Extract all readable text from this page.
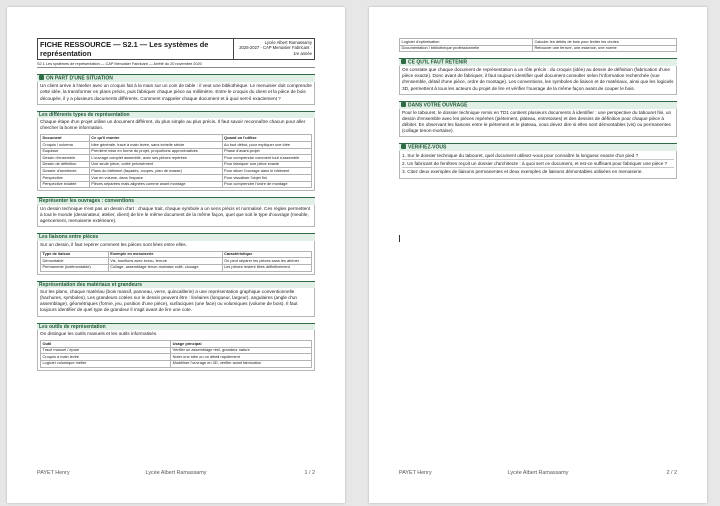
FICHE RESSOURCE — S2.1 — Les systèmes de représentation
Lycée Albert Ramassamy
2026-2027 · CAP Menuisier Fabricant · 1re année
S2.1 Les systèmes de représentation — CAP Menuisier Fabricant — Arrêté du 20 novembre 2020
ON PART D'UNE SITUATION
Un client arrive à l'atelier avec un croquis fait à la main sur un coin de table : il veut une bibliothèque. Le menuisier doit comprendre cette idée, la transformer en plans précis, puis fabriquer chaque pièce au millimètre. Entre le croquis du client et la pièce de bois découpée, il y a plusieurs documents différents. Comment s'appeler chaque document et à quoi sert-il exactement ?
Les différents types de représentation
Chaque étape d'un projet utilise un document différent, du plus simple au plus précis. Il faut savoir reconnaître chacun pour aller chercher la bonne information.
Document	Ce qu'il montre	Quand on l'utilise
Croquis / schéma	Idée générale, tracé à main levée, sans échelle stricte	Au tout début, pour expliquer une idée
Esquisse	Première mise en forme du projet, proportions approximatives	Phase d'avant-projet
Dessin d'ensemble	L'ouvrage complet assemblé, avec ses pièces repérées	Pour comprendre comment tout s'assemble
Dessin de définition	Une seule pièce, cotée précisément	Pour fabriquer une pièce exacte
Dossier d'architecte	Plans du bâtiment (façades, coupes, plan de masse)	Pour situer l'ouvrage dans le bâtiment
Perspective	Vue en volume, dans l'espace	Pour visualiser l'objet fini
Perspective éclatée	Pièces séparées mais alignées comme avant montage	Pour comprendre l'ordre de montage
Représenter les ouvrages : conventions
Un dessin technique n'est pas un dessin d'art : chaque trait, chaque symbole a un sens précis et normalisé. Ces règles permettent à tout le monde (dessinateur, atelier, client) de lire le même document de la même façon, quel que soit le type d'ouvrage (meuble, agencement, menuiserie extérieure).
Les liaisons entre pièces
Sur un dessin, il faut repérer comment les pièces sont liées entre elles.
Type de liaison	Exemple en menuiserie	Caractéristique
Démontable	Vis, tourillons avec écrou, ferrure	On peut séparer les pièces sans les abîmer
Permanente (indémontable)	Collage, assemblage tenon-mortaise collé, clouage	Les pièces restent liées définitivement
Représentation des matériaux et grandeurs
Sur les plans, chaque matériau (bois massif, panneau, verre, quincaillerie) a une représentation graphique conventionnelle (hachures, symboles). Les grandeurs cotées sur le dessin peuvent être : linéaires (longueur, largeur), angulaires (angle d'un assemblage), géométriques (forme, jeu, position d'une pièce), surfaciques (une face) ou volumiques (volume de bois). Il faut toujours identifier de quel type de grandeur il s'agit avant de lire une cote.
Les outils de représentation
On distingue les outils manuels et les outils informatisés.
Outil	Usage principal
Tracé manuel / épure	Vérifier un assemblage réel, grandeur nature
Croquis à main levée	Noter une idée ou un détail rapidement
Logiciel volumique métier	Modéliser l'ouvrage en 3D, vérifier avant fabrication
PAYET Henry	Lycée Albert Ramassamy	1 / 2
Logiciel d'optimisation	Calculer les débits de bois pour limiter les chutes
Documentation / bibliothèque professionnelle	Retrouver une ferrure, une essence, une norme
CE QU'IL FAUT RETENIR
On constate que chaque document de représentation a un rôle précis : du croquis (idée) au dessin de définition (fabrication d'une pièce exacte). Donc avant de fabriquer, il faut toujours identifier quel document consulter selon l'information recherchée (vue d'ensemble, détail d'une pièce, ordre de montage). Les conventions, les symboles de liaison et de matériaux, ainsi que les logiciels 3D, permettent à tous les acteurs du projet de lire et vérifier l'ouvrage de la même façon avant de couper le bois.
DANS VOTRE OUVRAGE
Pour le tabouret, le dossier technique remis en TD1 contient plusieurs documents à identifier : une perspective du tabouret fini, un dessin d'ensemble avec les pièces repérées (piètement, plateau, entretoises) et des dessins de définition pour chaque pièce à débiter. En observant les liaisons entre le piètement et le plateau, vous devez dire si elles sont démontables (vis) ou permanentes (collage tenon-mortaise).
VÉRIFIEZ-VOUS
1. Sur le dossier technique du tabouret, quel document utilisez-vous pour connaître la longueur exacte d'un pied ?
2. Un fabricant de fenêtres reçoit un dossier d'architecte : à quoi sert ce document, et est-ce suffisant pour fabriquer une pièce ?
3. Citez deux exemples de liaisons permanentes et deux exemples de liaisons démontables utilisées en menuiserie.
PAYET Henry	Lycée Albert Ramassamy	2 / 2
